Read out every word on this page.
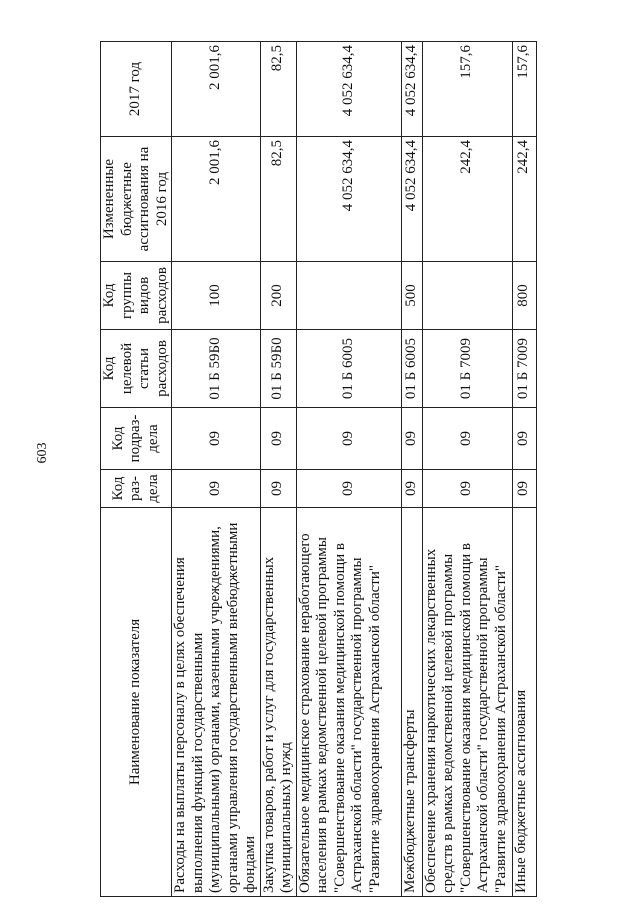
603
Наименование показателя	Код раз-дела	Код подраз-дела	Код целевой статьи расходов	Код группы видов расходов	Измененные бюджетные ассигнования на 2016 год	2017 год
Расходы на выплаты персоналу в целях обеспечения выполнения функций государственными (муниципальными) органами, казенными учреждениями, органами управления государственными внебюджетными фондами	09	09	01 Б 59Б0	100	2 001,6	2 001,6
Закупка товаров, работ и услуг для государственных (муниципальных) нужд	09	09	01 Б 59Б0	200	82,5	82,5
Обязательное медицинское страхование неработающего населения в рамках ведомственной целевой программы "Совершенствование оказания медицинской помощи в Астраханской области" государственной программы "Развитие здравоохранения Астраханской области"	09	09	01 Б 6005		4 052 634,4	4 052 634,4
Межбюджетные трансферты	09	09	01 Б 6005	500	4 052 634,4	4 052 634,4
Обеспечение хранения наркотических лекарственных средств в рамках ведомственной целевой программы "Совершенствование оказания медицинской помощи в Астраханской области" государственной программы "Развитие здравоохранения Астраханской области"	09	09	01 Б 7009		242,4	157,6
Иные бюджетные ассигнования	09	09	01 Б 7009	800	242,4	157,6
